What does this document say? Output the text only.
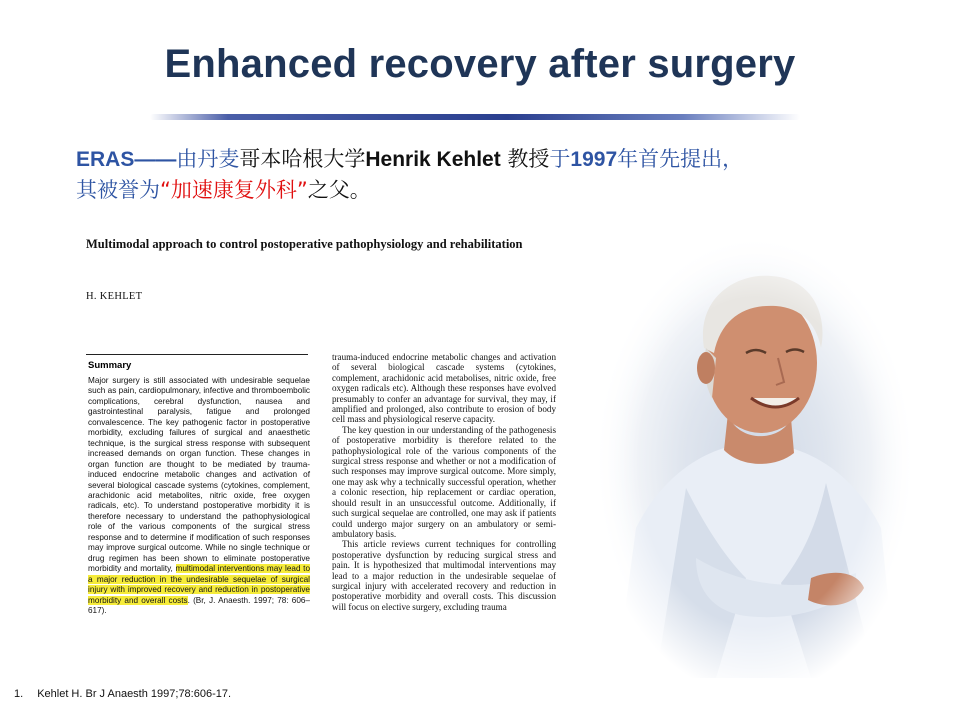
Enhanced recovery after surgery
ERAS——由丹麦哥本哈根大学Henrik Kehlet 教授于1997年首先提出，
其被誉为“加速康复外科”之父。
Multimodal approach to control postoperative pathophysiology and rehabilitation
H. KEHLET
Summary
Major surgery is still associated with undesirable sequelae such as pain, cardiopulmonary, infective and thromboembolic complications, cerebral dysfunction, nausea and gastrointestinal paralysis, fatigue and prolonged convalescence. The key pathogenic factor in postoperative morbidity, excluding failures of surgical and anaesthetic technique, is the surgical stress response with subsequent increased demands on organ function. These changes in organ function are thought to be mediated by trauma-induced endocrine metabolic changes and activation of several biological cascade systems (cytokines, complement, arachidonic acid metabolites, nitric oxide, free oxygen radicals, etc). To understand postoperative morbidity it is therefore necessary to understand the pathophysiological role of the various components of the surgical stress response and to determine if modification of such responses may improve surgical outcome. While no single technique or drug regimen has been shown to eliminate postoperative morbidity and mortality, multimodal interventions may lead to a major reduction in the undesirable sequelae of surgical injury with improved recovery and reduction in postoperative morbidity and overall costs. (Br, J. Anaesth. 1997; 78: 606–617).

trauma-induced endocrine metabolic changes and activation of several biological cascade systems (cytokines, complement, arachidonic acid metabolises, nitric oxide, free oxygen radicals etc). Although these responses have evolved presumably to confer an advantage for survival, they may, if amplified and prolonged, also contribute to erosion of body cell mass and physiological reserve capacity.

The key question in our understanding of the pathogenesis of postoperative morbidity is therefore related to the pathophysiological role of the various components of the surgical stress response and whether or not a modification of such responses may improve surgical outcome. More simply, one may ask why a technically successful operation, whether a colonic resection, hip replacement or cardiac operation, should result in an unsuccessful outcome. Additionally, if such surgical sequelae are controlled, one may ask if patients could undergo major surgery on an ambulatory or semi-ambulatory basis.

This article reviews current techniques for controlling postoperative dysfunction by reducing surgical stress and pain. It is hypothesized that multimodal interventions may lead to a major reduction in the undesirable sequelae of surgical injury with accelerated recovery and reduction in postoperative morbidity and overall costs. This discussion will focus on elective surgery, excluding trauma

1. Kehlet H. Br J Anaesth 1997;78:606-17.
